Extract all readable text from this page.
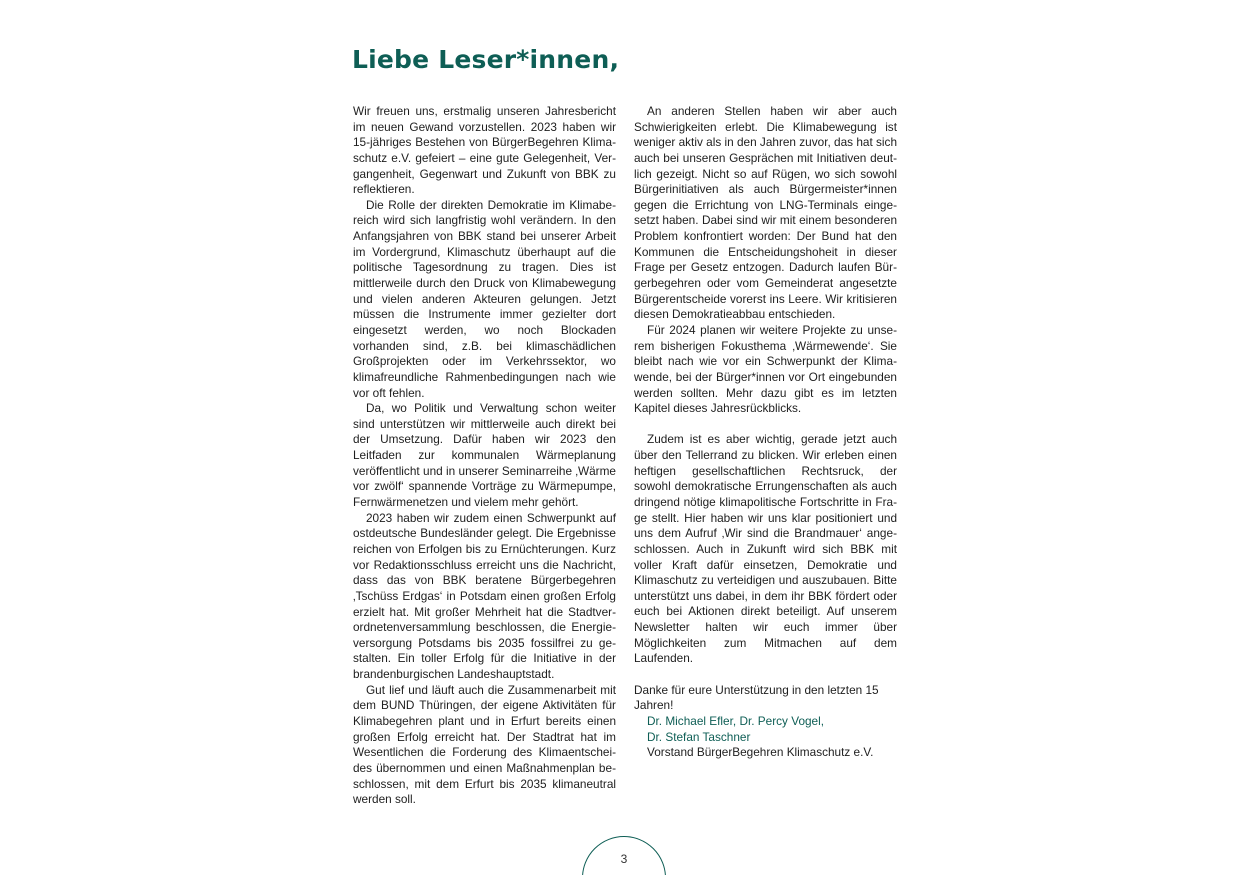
Liebe Leser*innen,

Wir freuen uns, erstmalig unseren Jahresbericht im neuen Gewand vorzustellen. 2023 haben wir 15-jähriges Bestehen von BürgerBegehren Klimaschutz e.V. gefeiert – eine gute Gelegenheit, Vergangenheit, Gegenwart und Zukunft von BBK zu reflektieren.

Die Rolle der direkten Demokratie im Klimabereich wird sich langfristig wohl verändern. In den Anfangsjahren von BBK stand bei unserer Arbeit im Vordergrund, Klimaschutz überhaupt auf die politische Tagesordnung zu tragen. Dies ist mittlerweile durch den Druck von Klimabewegung und vielen anderen Akteuren gelungen. Jetzt müssen die Instrumente immer gezielter dort eingesetzt werden, wo noch Blockaden vorhanden sind, z.B. bei klimaschädlichen Großprojekten oder im Verkehrssektor, wo klimafreundliche Rahmenbedingungen nach wie vor oft fehlen.

Da, wo Politik und Verwaltung schon weiter sind unterstützen wir mittlerweile auch direkt bei der Umsetzung. Dafür haben wir 2023 den Leitfaden zur kommunalen Wärmeplanung veröffentlicht und in unserer Seminarreihe ‚Wärme vor zwölf‘ spannende Vorträge zu Wärmepumpe, Fernwärmenetzen und vielem mehr gehört.

2023 haben wir zudem einen Schwerpunkt auf ostdeutsche Bundesländer gelegt. Die Ergebnisse reichen von Erfolgen bis zu Ernüchterungen. Kurz vor Redaktionsschluss erreicht uns die Nachricht, dass das von BBK beratene Bürgerbegehren ‚Tschüss Erdgas‘ in Potsdam einen großen Erfolg erzielt hat. Mit großer Mehrheit hat die Stadtverordnetenversammlung beschlossen, die Energieversorgung Potsdams bis 2035 fossilfrei zu gestalten. Ein toller Erfolg für die Initiative in der brandenburgischen Landeshauptstadt.

Gut lief und läuft auch die Zusammenarbeit mit dem BUND Thüringen, der eigene Aktivitäten für Klimabegehren plant und in Erfurt bereits einen großen Erfolg erreicht hat. Der Stadtrat hat im Wesentlichen die Forderung des Klimaentscheides übernommen und einen Maßnahmenplan beschlossen, mit dem Erfurt bis 2035 klimaneutral werden soll.

An anderen Stellen haben wir aber auch Schwierigkeiten erlebt. Die Klimabewegung ist weniger aktiv als in den Jahren zuvor, das hat sich auch bei unseren Gesprächen mit Initiativen deutlich gezeigt. Nicht so auf Rügen, wo sich sowohl Bürgerinitiativen als auch Bürgermeister*innen gegen die Errichtung von LNG-Terminals eingesetzt haben. Dabei sind wir mit einem besonderen Problem konfrontiert worden: Der Bund hat den Kommunen die Entscheidungshoheit in dieser Frage per Gesetz entzogen. Dadurch laufen Bürgerbegehren oder vom Gemeinderat angesetzte Bürgerentscheide vorerst ins Leere. Wir kritisieren diesen Demokratieabbau entschieden.

Für 2024 planen wir weitere Projekte zu unserem bisherigen Fokusthema ‚Wärmewende‘. Sie bleibt nach wie vor ein Schwerpunkt der Klimawende, bei der Bürger*innen vor Ort eingebunden werden sollten. Mehr dazu gibt es im letzten Kapitel dieses Jahresrückblicks.

Zudem ist es aber wichtig, gerade jetzt auch über den Tellerrand zu blicken. Wir erleben einen heftigen gesellschaftlichen Rechtsruck, der sowohl demokratische Errungenschaften als auch dringend nötige klimapolitische Fortschritte in Frage stellt. Hier haben wir uns klar positioniert und uns dem Aufruf ‚Wir sind die Brandmauer‘ angeschlossen. Auch in Zukunft wird sich BBK mit voller Kraft dafür einsetzen, Demokratie und Klimaschutz zu verteidigen und auszubauen. Bitte unterstützt uns dabei, in dem ihr BBK fördert oder euch bei Aktionen direkt beteiligt. Auf unserem Newsletter halten wir euch immer über Möglichkeiten zum Mitmachen auf dem Laufenden.

Danke für eure Unterstützung in den letzten 15 Jahren!

Dr. Michael Efler, Dr. Percy Vogel,
Dr. Stefan Taschner

Vorstand BürgerBegehren Klimaschutz e.V.

3
